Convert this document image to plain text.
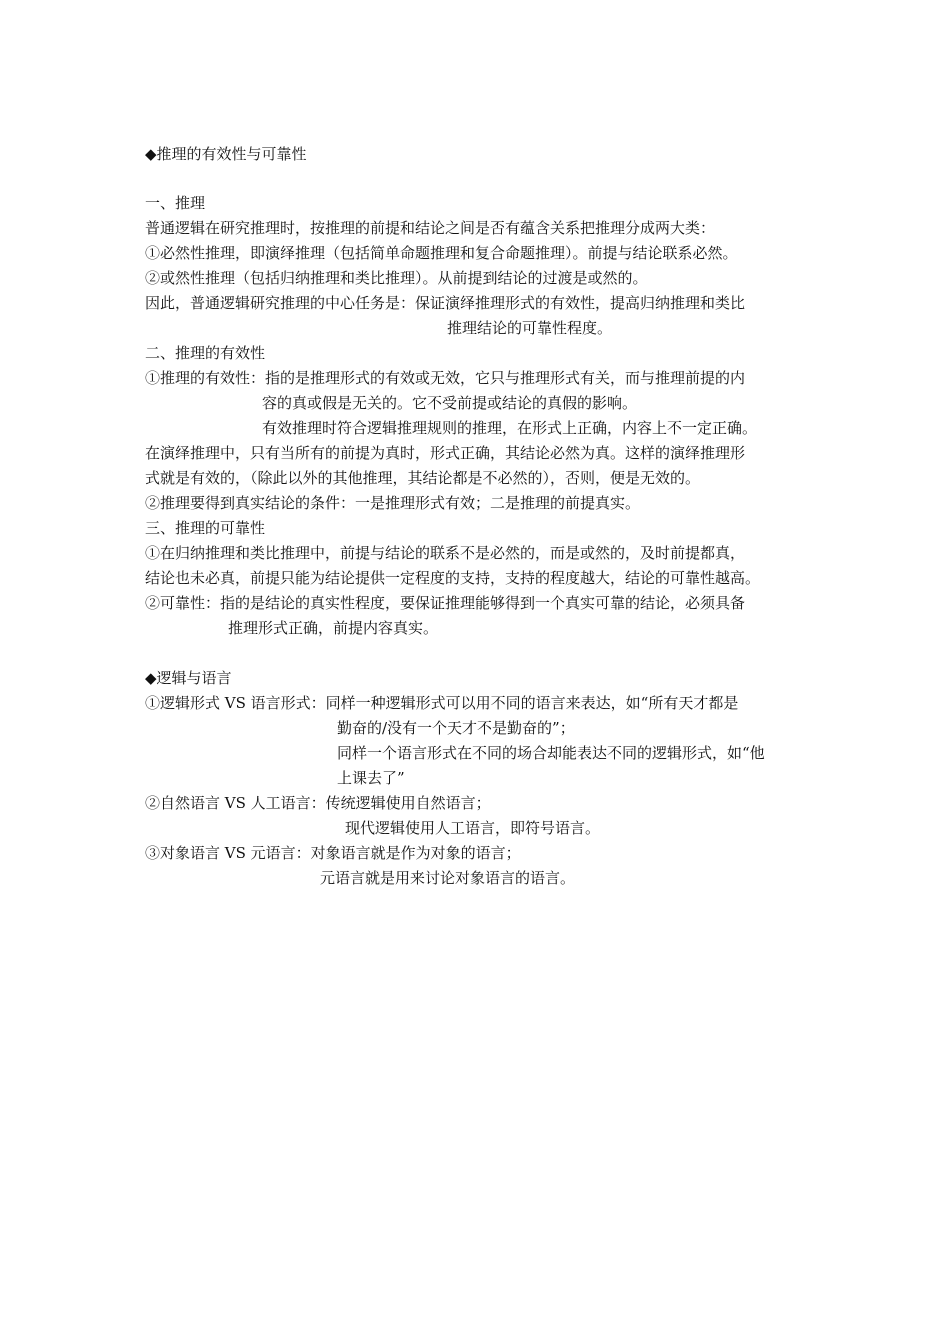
◆推理的有效性与可靠性
一、推理
普通逻辑在研究推理时，按推理的前提和结论之间是否有蕴含关系把推理分成两大类：
①必然性推理，即演绎推理（包括简单命题推理和复合命题推理）。前提与结论联系必然。
②或然性推理（包括归纳推理和类比推理）。从前提到结论的过渡是或然的。
因此，普通逻辑研究推理的中心任务是：保证演绎推理形式的有效性，提高归纳推理和类比
推理结论的可靠性程度。
二、推理的有效性
①推理的有效性：指的是推理形式的有效或无效，它只与推理形式有关，而与推理前提的内
容的真或假是无关的。它不受前提或结论的真假的影响。
有效推理时符合逻辑推理规则的推理，在形式上正确，内容上不一定正确。
在演绎推理中，只有当所有的前提为真时，形式正确，其结论必然为真。这样的演绎推理形
式就是有效的，（除此以外的其他推理，其结论都是不必然的），否则，便是无效的。
②推理要得到真实结论的条件：一是推理形式有效；二是推理的前提真实。
三、推理的可靠性
①在归纳推理和类比推理中，前提与结论的联系不是必然的，而是或然的，及时前提都真，
结论也未必真，前提只能为结论提供一定程度的支持，支持的程度越大，结论的可靠性越高。
②可靠性：指的是结论的真实性程度，要保证推理能够得到一个真实可靠的结论，必须具备
推理形式正确，前提内容真实。
◆逻辑与语言
①逻辑形式 VS 语言形式：同样一种逻辑形式可以用不同的语言来表达，如“所有天才都是
勤奋的/没有一个天才不是勤奋的”；
同样一个语言形式在不同的场合却能表达不同的逻辑形式，如“他
上课去了”
②自然语言 VS 人工语言：传统逻辑使用自然语言；
现代逻辑使用人工语言，即符号语言。
③对象语言 VS 元语言：对象语言就是作为对象的语言；
元语言就是用来讨论对象语言的语言。
